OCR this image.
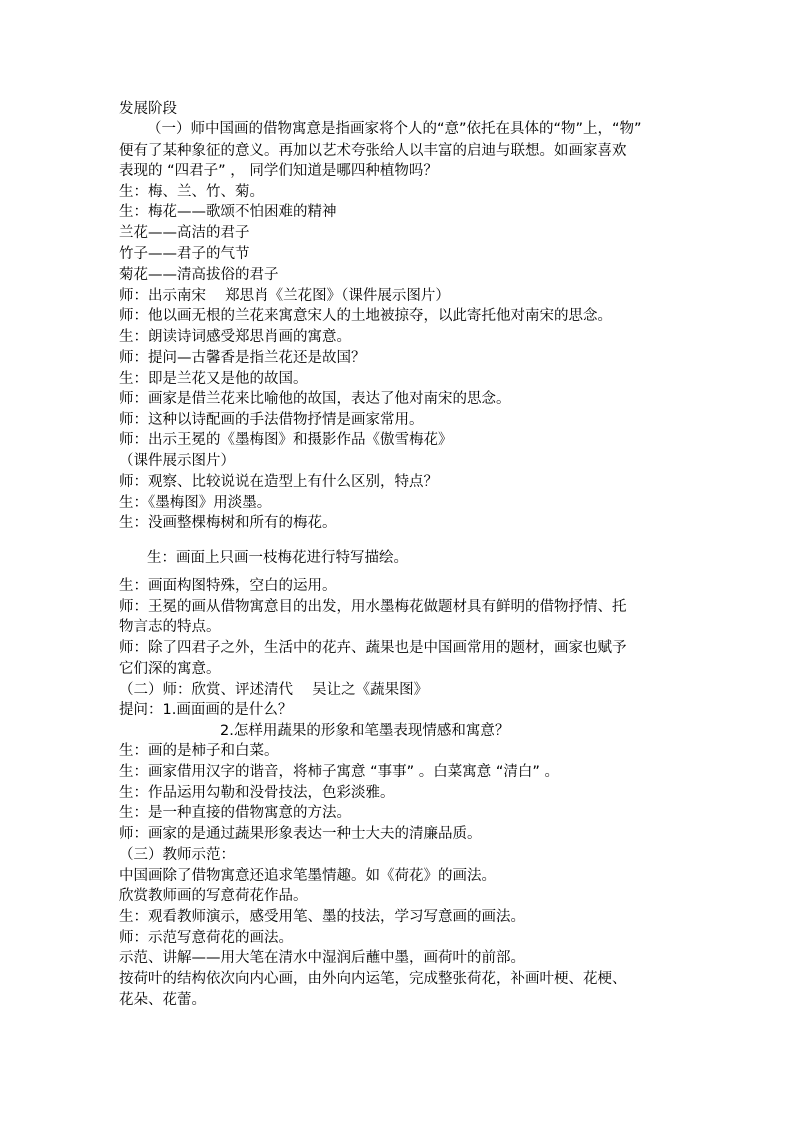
发展阶段
（一）师中国画的借物寓意是指画家将个人的“意”依托在具体的“物”上，“物”
便有了某种象征的意义。再加以艺术夸张给人以丰富的启迪与联想。如画家喜欢
表现的 “四君子” ， 同学们知道是哪四种植物吗？
生：梅、兰、竹、菊。
生：梅花——歌颂不怕困难的精神
兰花——高洁的君子
竹子——君子的气节
菊花——清高拔俗的君子
师：出示南宋　 郑思肖《兰花图》（课件展示图片）
师：他以画无根的兰花来寓意宋人的土地被掠夺，以此寄托他对南宋的思念。
生：朗读诗词感受郑思肖画的寓意。
师：提问—古馨香是指兰花还是故国？
生：即是兰花又是他的故国。
师：画家是借兰花来比喻他的故国，表达了他对南宋的思念。
师：这种以诗配画的手法借物抒情是画家常用。
师：出示王冕的《墨梅图》和摄影作品《傲雪梅花》
（课件展示图片）
师：观察、比较说说在造型上有什么区别，特点？
生：《墨梅图》用淡墨。
生：没画整棵梅树和所有的梅花。
生：画面上只画一枝梅花进行特写描绘。
生：画面构图特殊，空白的运用。
师：王冕的画从借物寓意目的出发，用水墨梅花做题材具有鲜明的借物抒情、托
物言志的特点。
师：除了四君子之外，生活中的花卉、蔬果也是中国画常用的题材，画家也赋予
它们深的寓意。
（二）师：欣赏、评述清代　 吴让之《蔬果图》
提问：1.画面画的是什么？
2.怎样用蔬果的形象和笔墨表现情感和寓意？
生：画的是柿子和白菜。
生：画家借用汉字的谐音，将柿子寓意 “事事” 。白菜寓意 “清白” 。
生：作品运用勾勒和没骨技法，色彩淡雅。
生：是一种直接的借物寓意的方法。
师：画家的是通过蔬果形象表达一种士大夫的清廉品质。
（三）教师示范：
中国画除了借物寓意还追求笔墨情趣。如《荷花》的画法。
欣赏教师画的写意荷花作品。
生：观看教师演示，感受用笔、墨的技法，学习写意画的画法。
师：示范写意荷花的画法。
示范、讲解——用大笔在清水中湿润后蘸中墨，画荷叶的前部。
按荷叶的结构依次向内心画，由外向内运笔，完成整张荷花，补画叶梗、花梗、
花朵、花蕾。
